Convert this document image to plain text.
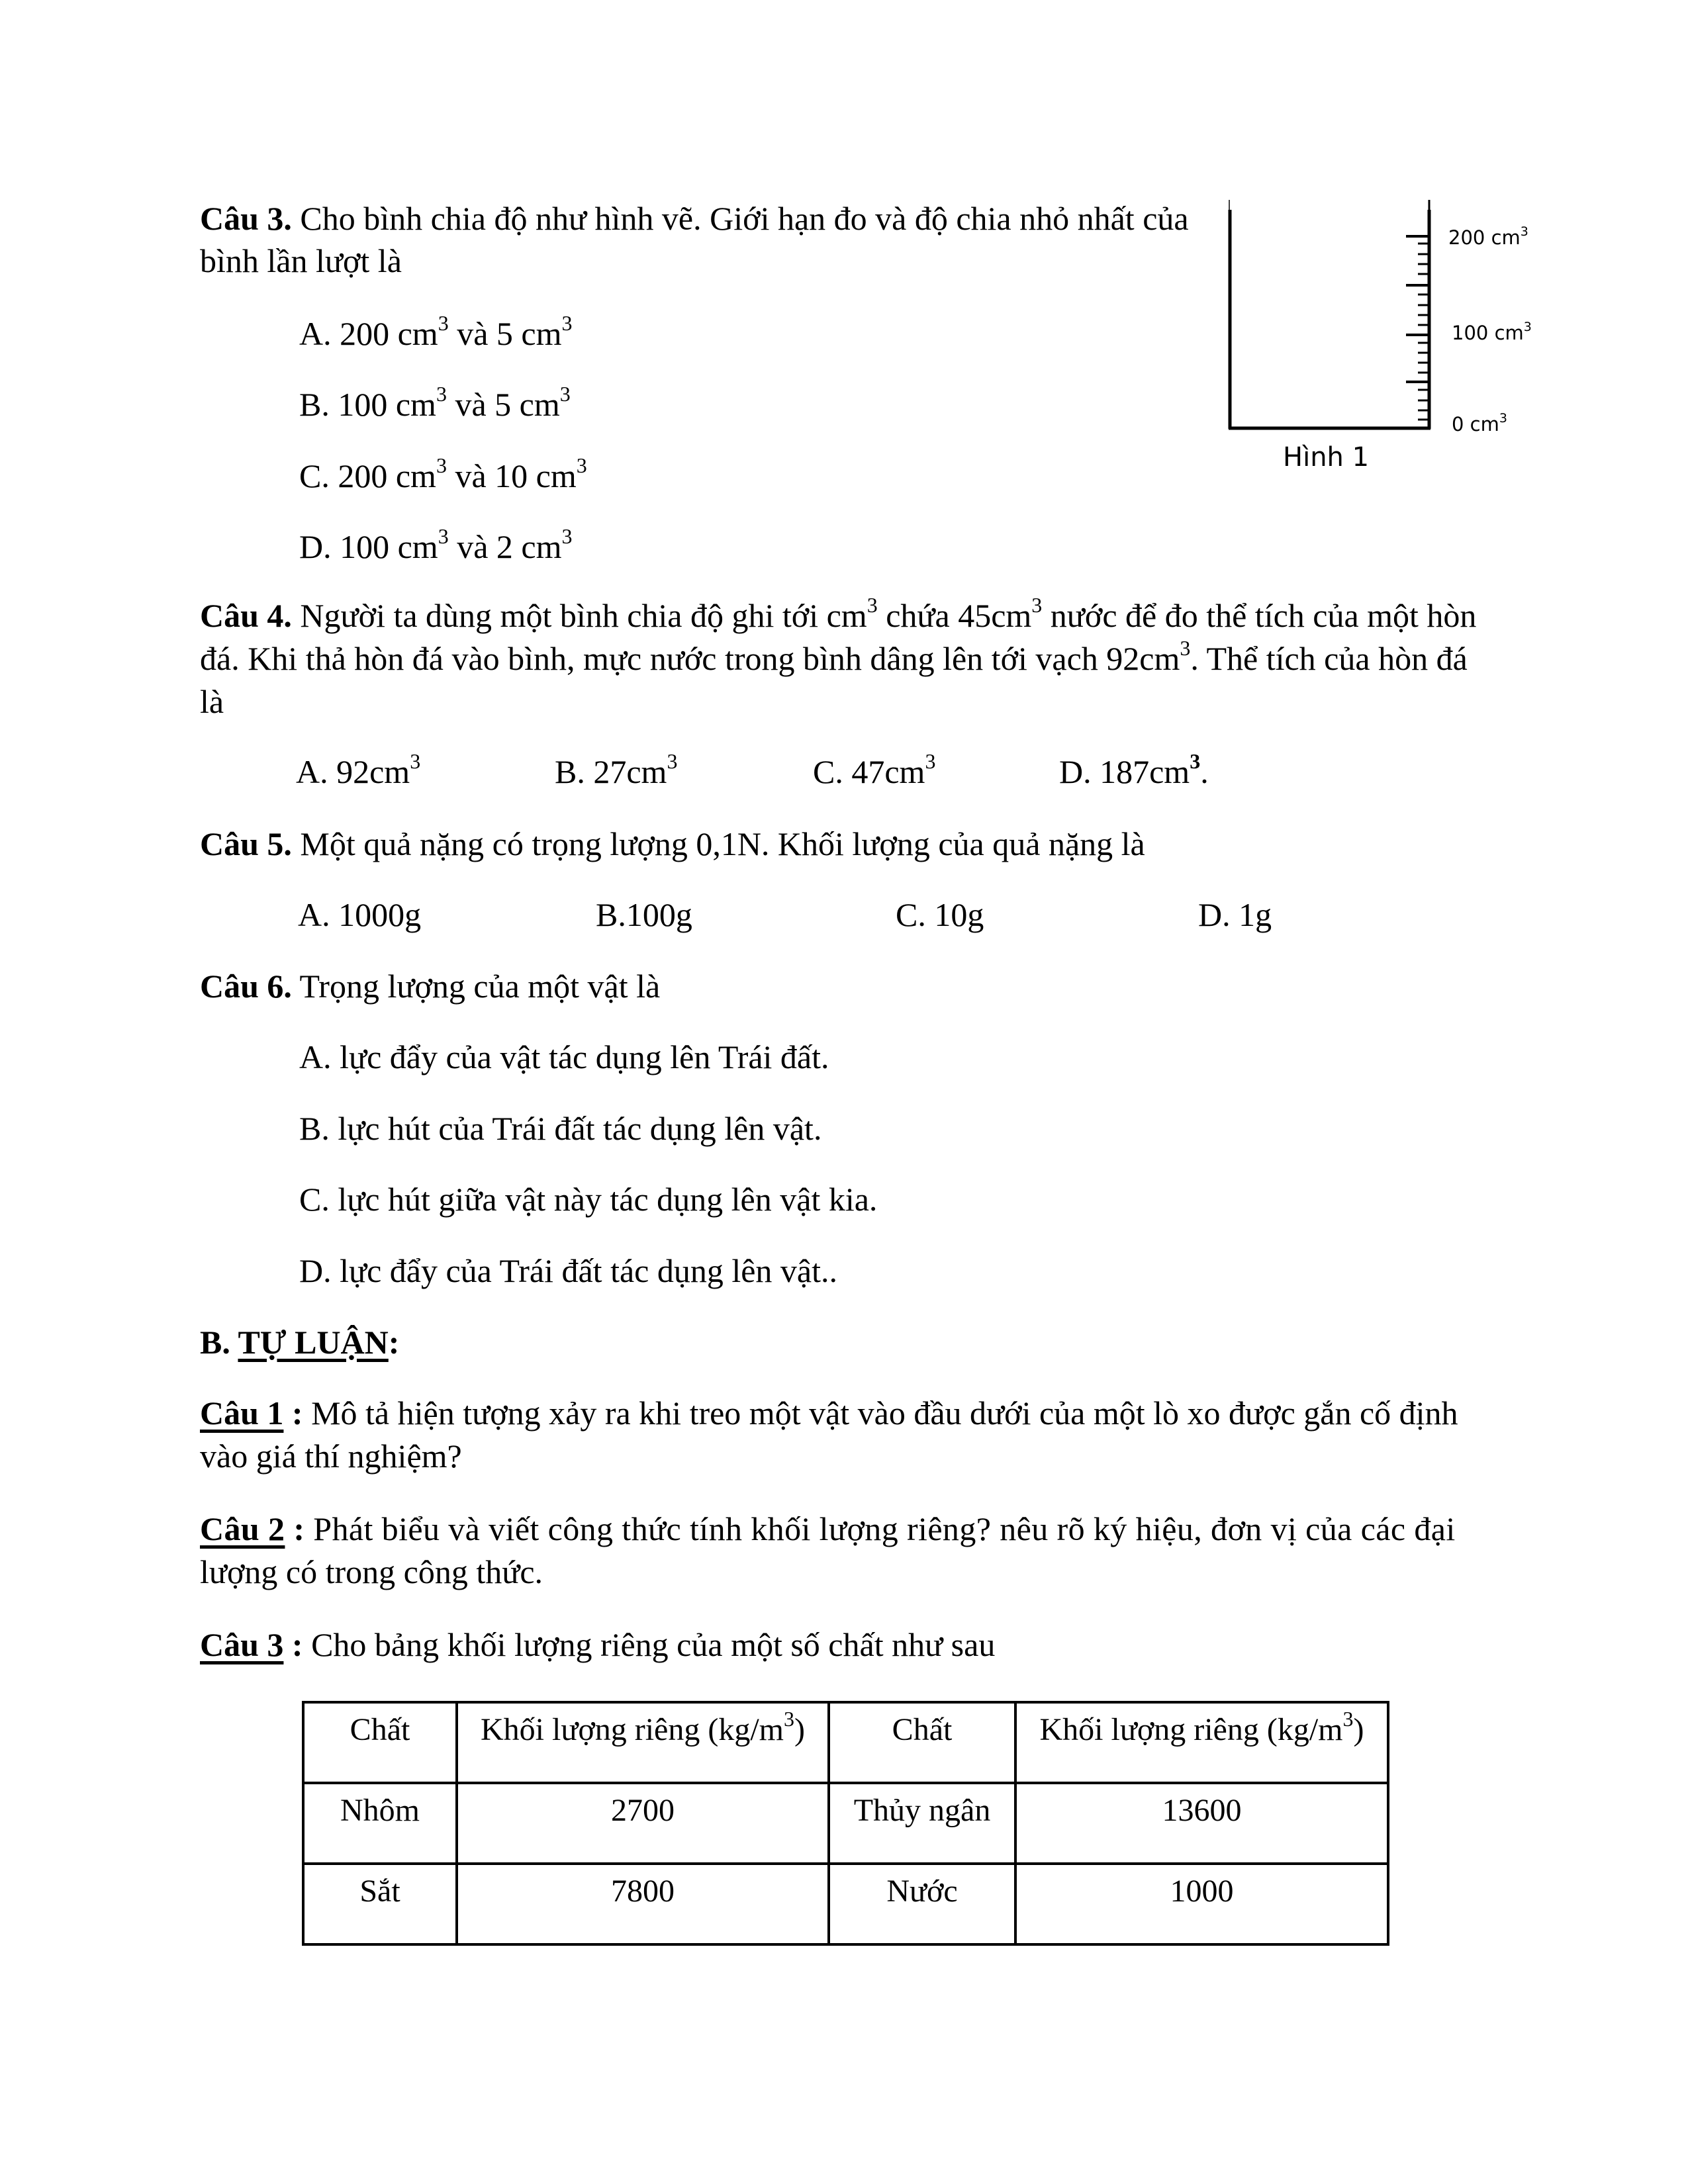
Câu 3. Cho bình chia độ như hình vẽ. Giới hạn đo và độ chia nhỏ nhất của
bình lần lượt là
A. 200 $cm^3$ và 5 $cm^3$
B. 100 $cm^3$ và 5 $cm^3$
C. 200 $cm^3$ và 10 $cm^3$
D. 100 $cm^3$ và 2 $cm^3$
200 $cm^3$
100 $cm^3$
0 $cm^3$
Hình 1
Câu 4. Người ta dùng một bình chia độ ghi tới $cm^3$ chứa $45cm^3$ nước để đo thể tích của một hòn
đá. Khi thả hòn đá vào bình, mực nước trong bình dâng lên tới vạch $92cm^3$. Thể tích của hòn đá
là
A. $92cm^3$	B. $27cm^3$	C. $47cm^3$	D. $187cm^3$.
Câu 5. Một quả nặng có trọng lượng 0,1N. Khối lượng của quả nặng là
A. 1000g	B.100g	C. 10g	D. 1g
Câu 6. Trọng lượng của một vật là
A. lực đẩy của vật tác dụng lên Trái đất.
B. lực hút của Trái đất tác dụng lên vật.
C. lực hút giữa vật này tác dụng lên vật kia.
D. lực đẩy của Trái đất tác dụng lên vật..
B. TỰ LUẬN:
Câu 1 : Mô tả hiện tượng xảy ra khi treo một vật vào đầu dưới của một lò xo được gắn cố định
vào giá thí nghiệm?
Câu 2 : Phát biểu và viết công thức tính khối lượng riêng? nêu rõ ký hiệu, đơn vị của các đại
lượng có trong công thức.
Câu 3 : Cho bảng khối lượng riêng của một số chất như sau
Chất	Khối lượng riêng $(kg/m^3)$	Chất	Khối lượng riêng $(kg/m^3)$
Nhôm	2700	Thủy ngân	13600
Sắt	7800	Nước	1000
